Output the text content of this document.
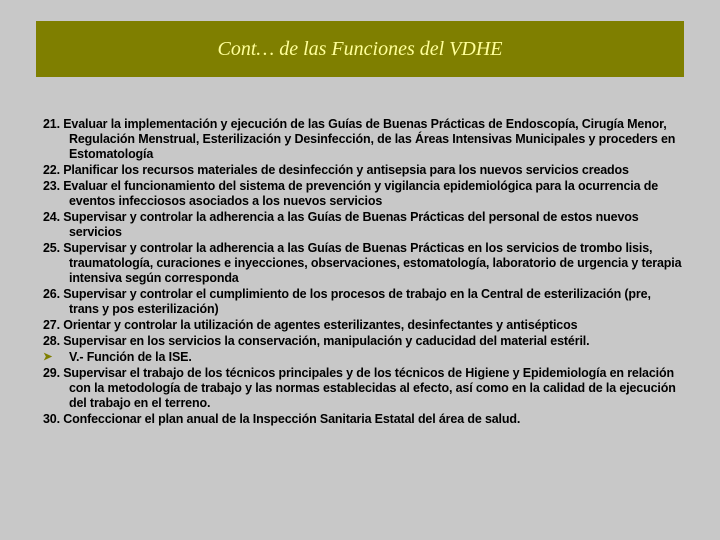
Cont… de las Funciones del VDHE

21. Evaluar la implementación y ejecución de las Guías de Buenas Prácticas de Endoscopía, Cirugía Menor, Regulación Menstrual, Esterilización y Desinfección, de las Áreas Intensivas Municipales y proceders en Estomatología

22. Planificar los recursos materiales de desinfección y antisepsia para los nuevos servicios creados

23. Evaluar el funcionamiento del sistema de prevención y vigilancia epidemiológica para la ocurrencia de eventos infecciosos asociados a los nuevos servicios

24. Supervisar y controlar la adherencia a las Guías de Buenas Prácticas del personal de estos nuevos servicios

25. Supervisar y controlar la adherencia a las Guías de Buenas Prácticas en los servicios de trombo lisis, traumatología, curaciones e inyecciones, observaciones, estomatología, laboratorio de urgencia y terapia intensiva según corresponda

26. Supervisar y controlar el cumplimiento de los procesos de trabajo en la Central de esterilización (pre, trans y pos esterilización)

27. Orientar y controlar la utilización de agentes esterilizantes, desinfectantes y antisépticos

28. Supervisar en los servicios la conservación, manipulación y caducidad del material estéril.

➤ V.- Función de la ISE.

29. Supervisar el trabajo de los técnicos principales y de los técnicos de Higiene y Epidemiología en relación con la metodología de trabajo y las normas establecidas al efecto, así como en la calidad de la ejecución del trabajo en el terreno.

30. Confeccionar el plan anual de la Inspección Sanitaria Estatal del área de salud.
